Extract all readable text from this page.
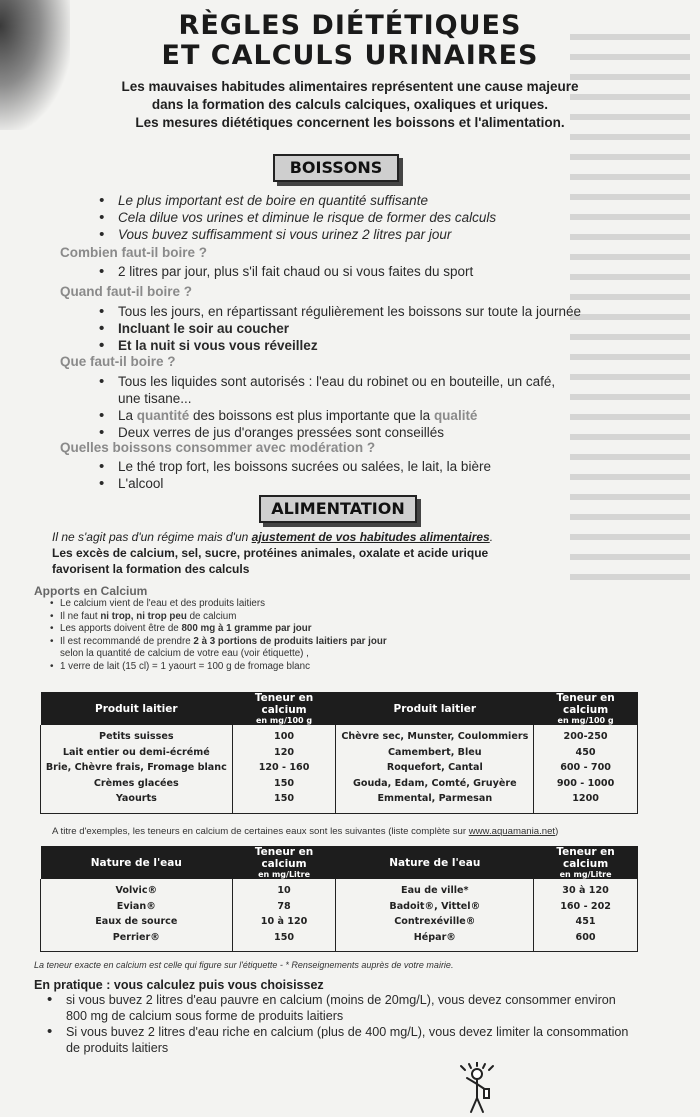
RÈGLES DIÉTÉTIQUES
ET CALCULS URINAIRES
Les mauvaises habitudes alimentaires représentent une cause majeure
dans la formation des calculs calciques, oxaliques et uriques.
Les mesures diététiques concernent les boissons et l'alimentation.
BOISSONS
• Le plus important est de boire en quantité suffisante
• Cela dilue vos urines et diminue le risque de former des calculs
• Vous buvez suffisamment si vous urinez 2 litres par jour
Combien faut-il boire ?
• 2 litres par jour, plus s'il fait chaud ou si vous faites du sport
Quand faut-il boire ?
• Tous les jours, en répartissant régulièrement les boissons sur toute la journée
• Incluant le soir au coucher
• Et la nuit si vous vous réveillez
Que faut-il boire ?
• Tous les liquides sont autorisés : l'eau du robinet ou en bouteille, un café, une tisane...
• La quantité des boissons est plus importante que la qualité
• Deux verres de jus d'oranges pressées sont conseillés
Quelles boissons consommer avec modération ?
• Le thé trop fort, les boissons sucrées ou salées, le lait, la bière
• L'alcool
ALIMENTATION
Il ne s'agit pas d'un régime mais d'un ajustement de vos habitudes alimentaires.
Les excès de calcium, sel, sucre, protéines animales, oxalate et acide urique
favorisent la formation des calculs
Apports en Calcium
• Le calcium vient de l'eau et des produits laitiers
• Il ne faut ni trop, ni trop peu de calcium
• Les apports doivent être de 800 mg à 1 gramme par jour
• Il est recommandé de prendre 2 à 3 portions de produits laitiers par jour
selon la quantité de calcium de votre eau (voir étiquette) ,
• 1 verre de lait (15 cl) = 1 yaourt = 100 g de fromage blanc
Produit laitier	Teneur en calcium
en mg/100 g	Produit laitier	Teneur en calcium
en mg/100 g

Petits suisses	100	Chèvre sec, Munster, Coulommiers	200-250
Lait entier ou demi-écrémé	120	Camembert, Bleu	450
Brie, Chèvre frais, Fromage blanc	120 - 160	Roquefort, Cantal	600 - 700
Crèmes glacées	150	Gouda, Edam, Comté, Gruyère	900 - 1000
Yaourts	150	Emmental, Parmesan	1200
A titre d'exemples, les teneurs en calcium de certaines eaux sont les suivantes (liste complète sur www.aquamania.net)
Nature de l'eau	Teneur en calcium
en mg/Litre	Nature de l'eau	Teneur en calcium
en mg/Litre

Volvic®	10	Eau de ville*	30 à 120
Evian®	78	Badoit®, Vittel®	160 - 202
Eaux de source	10 à 120	Contrexéville®	451
Perrier®	150	Hépar®	600
La teneur exacte en calcium est celle qui figure sur l'étiquette - * Renseignements auprès de votre mairie.
En pratique : vous calculez puis vous choisissez
• si vous buvez 2 litres d'eau pauvre en calcium (moins de 20mg/L), vous devez consommer environ
800 mg de calcium sous forme de produits laitiers
• Si vous buvez 2 litres d'eau riche en calcium (plus de 400 mg/L), vous devez limiter la consommation
de produits laitiers
